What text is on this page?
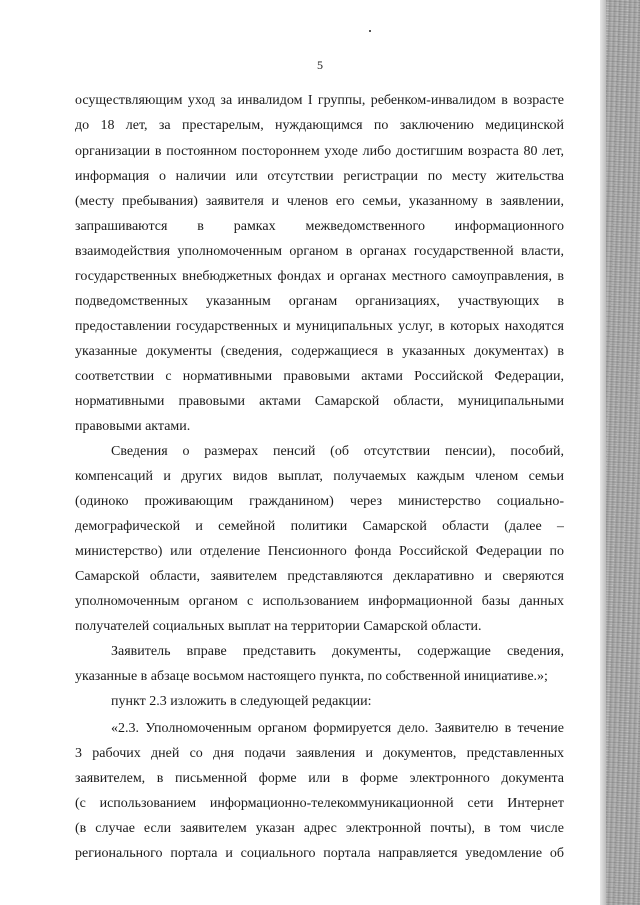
5
осуществляющим уход за инвалидом I группы, ребенком-инвалидом в возрасте
до 18 лет, за престарелым, нуждающимся по заключению медицинской
организации в постоянном постороннем уходе либо достигшим возраста 80 лет,
информация о наличии или отсутствии регистрации по месту жительства
(месту пребывания) заявителя и членов его семьи, указанному в заявлении,
запрашиваются в рамках межведомственного информационного
взаимодействия уполномоченным органом в органах государственной власти,
государственных внебюджетных фондах и органах местного самоуправления, в
подведомственных указанным органам организациях, участвующих в
предоставлении государственных и муниципальных услуг, в которых находятся
указанные документы (сведения, содержащиеся в указанных документах) в
соответствии с нормативными правовыми актами Российской Федерации,
нормативными правовыми актами Самарской области, муниципальными
правовыми актами.
Сведения о размерах пенсий (об отсутствии пенсии), пособий,
компенсаций и других видов выплат, получаемых каждым членом семьи
(одиноко проживающим гражданином) через министерство социально-
демографической и семейной политики Самарской области (далее –
министерство) или отделение Пенсионного фонда Российской Федерации по
Самарской области, заявителем представляются декларативно и сверяются
уполномоченным органом с использованием информационной базы данных
получателей социальных выплат на территории Самарской области.
Заявитель вправе представить документы, содержащие сведения,
указанные в абзаце восьмом настоящего пункта, по собственной инициативе.»;
пункт 2.3 изложить в следующей редакции:
«2.3. Уполномоченным органом формируется дело. Заявителю в течение
3 рабочих дней со дня подачи заявления и документов, представленных
заявителем, в письменной форме или в форме электронного документа
(с использованием информационно-телекоммуникационной сети Интернет
(в случае если заявителем указан адрес электронной почты), в том числе
регионального портала и социального портала направляется уведомление об
